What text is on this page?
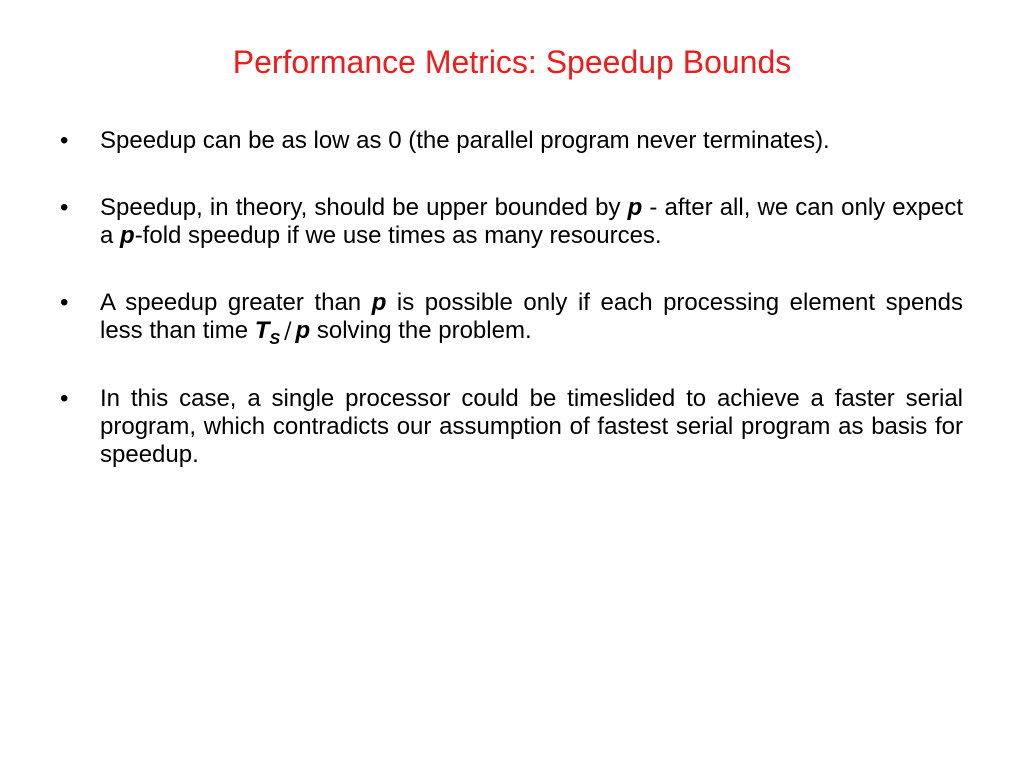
Performance Metrics: Speedup Bounds
• Speedup can be as low as 0 (the parallel program never terminates).
• Speedup, in theory, should be upper bounded by p - after all, we can only expect a p-fold speedup if we use times as many resources.
• A speedup greater than p is possible only if each processing element spends less than time $T_S$ / p solving the problem.
• In this case, a single processor could be timeslided to achieve a faster serial program, which contradicts our assumption of fastest serial program as basis for speedup.
